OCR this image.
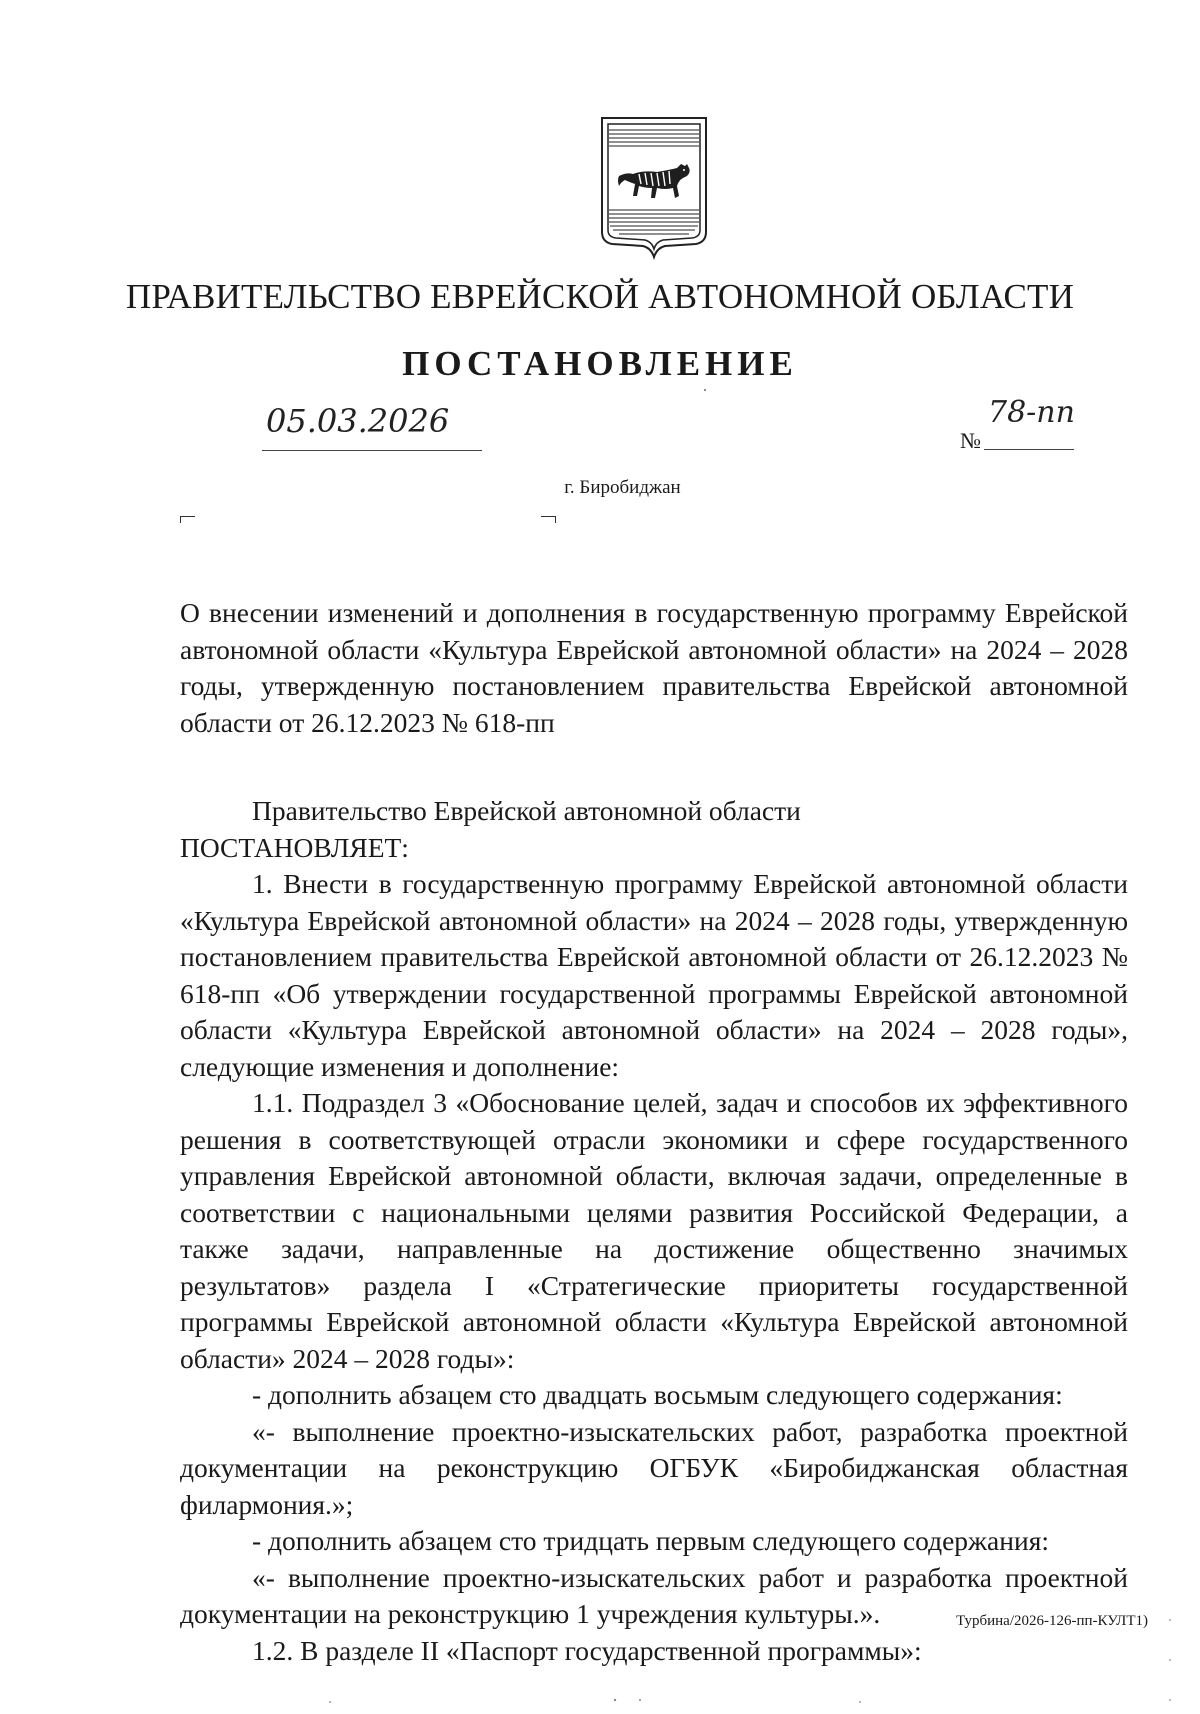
ПРАВИТЕЛЬСТВО ЕВРЕЙСКОЙ АВТОНОМНОЙ ОБЛАСТИ
ПОСТАНОВЛЕНИЕ
05.03.2026
№
78-пп
г. Биробиджан
О внесении изменений и дополнения в государственную программу Еврейской автономной области «Культура Еврейской автономной области» на 2024 – 2028 годы, утвержденную постановлением правительства Еврейской автономной области от 26.12.2023 № 618-пп

Правительство Еврейской автономной области

ПОСТАНОВЛЯЕТ:

1. Внести в государственную программу Еврейской автономной области «Культура Еврейской автономной области» на 2024 – 2028 годы, утвержденную постановлением правительства Еврейской автономной области от 26.12.2023 № 618-пп «Об утверждении государственной программы Еврейской автономной области «Культура Еврейской автономной области» на 2024 – 2028 годы», следующие изменения и дополнение:

1.1. Подраздел 3 «Обоснование целей, задач и способов их эффективного решения в соответствующей отрасли экономики и сфере государственного управления Еврейской автономной области, включая задачи, определенные в соответствии с национальными целями развития Российской Федерации, а также задачи, направленные на достижение общественно значимых результатов» раздела I «Стратегические приоритеты государственной программы Еврейской автономной области «Культура Еврейской автономной области» 2024 – 2028 годы»:

- дополнить абзацем сто двадцать восьмым следующего содержания:

«- выполнение проектно-изыскательских работ, разработка проектной документации на реконструкцию ОГБУК «Биробиджанская областная филармония.»;

- дополнить абзацем сто тридцать первым следующего содержания:

«- выполнение проектно-изыскательских работ и разработка проектной документации на реконструкцию 1 учреждения культуры.».

1.2. В разделе II «Паспорт государственной программы»:

Турбина/2026-126-пп-КУЛТ1)
